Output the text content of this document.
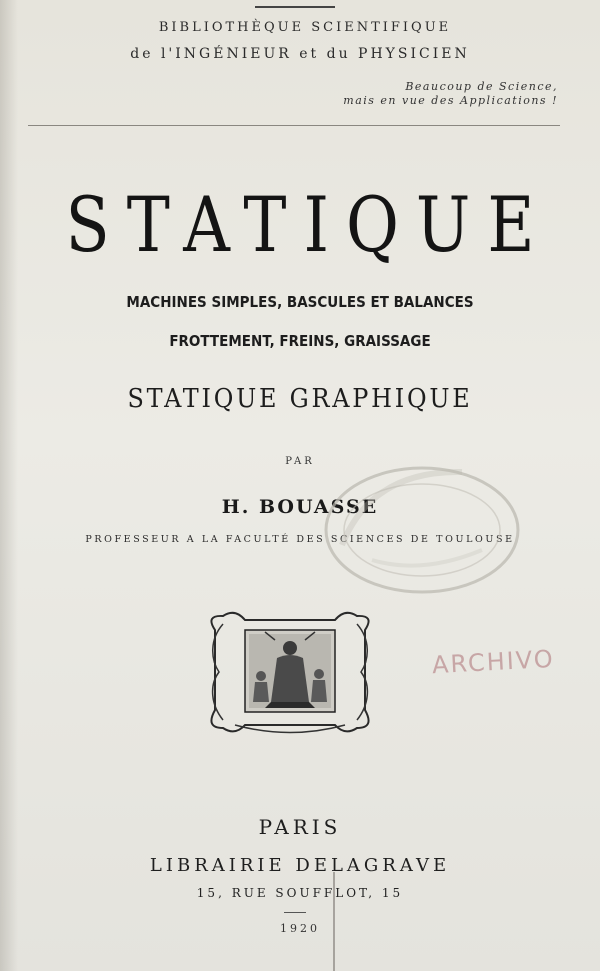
BIBLIOTHÈQUE SCIENTIFIQUE
de l'INGÉNIEUR et du PHYSICIEN
Beaucoup de Science,
mais en vue des Applications !
STATIQUE
MACHINES SIMPLES, BASCULES ET BALANCES
FROTTEMENT, FREINS, GRAISSAGE
STATIQUE GRAPHIQUE
PAR
H. BOUASSE
PROFESSEUR A LA FACULTÉ DES SCIENCES DE TOULOUSE
ARCHIVO
PARIS
LIBRAIRIE DELAGRAVE
15, RUE SOUFFLOT, 15
1920
